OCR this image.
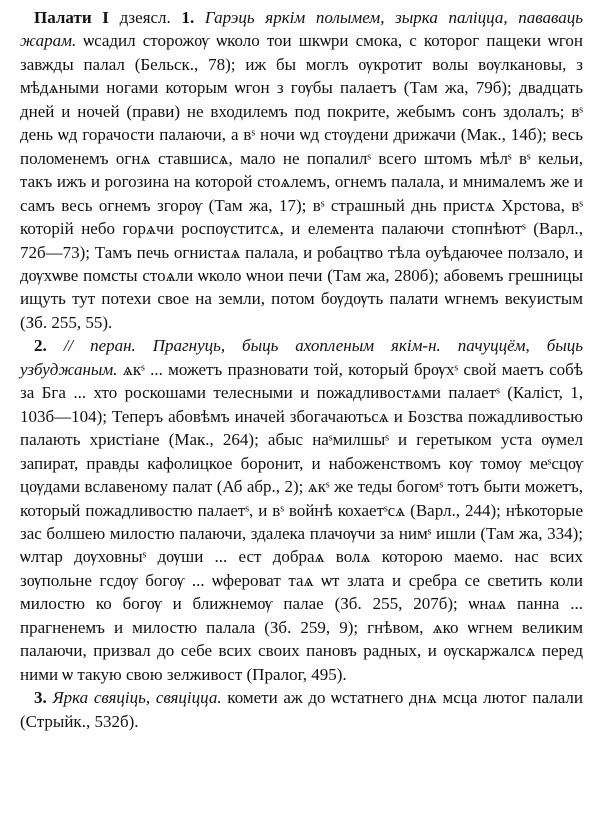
Палати I дзеясл. 1. Гарэць яркім полымем, зырка паліцца, пававаць жарам. ѡсадил сторожѹ ѡколо тои шкѡри смока, с которог пащеки ѡгон завжды палал (Бельск., 78); иж бы моглъ ѹкротит волы вѹлкановы, з мѣдѧными ногами которым ѡгон з гѹбы палаетъ (Там жа, 79б); двадцать дней и ночей (прави) не входилемъ под покрите, жебымъ сонъ здолалъ; вˢ день ѡд горачости палаючи, а вˢ ночи ѡд стѹдени дрижачи (Мак., 14б); весь поломенемъ огнѧ ставшисѧ, мало не попалилˢ всего штомъ мѣлˢ вˢ кельи, такъ ижъ и рогозина на которой стоѧлемъ, огнемъ палала, и мнималемъ же и самъ весь огнемъ згорѹ (Там жа, 17); вˢ страшный днь пристѧ Хрстова, вˢ которій небо горѧчи роспѹститсѧ, и елемента палаючи стопнѣютˢ (Варл., 72б—73); Тамъ печь огнистаѧ палала, и робацтво тѣла оуѣдаючее ползало, и дѹхѡве помсты стоѧли ѡколо ѡнои печи (Там жа, 280б); абовемъ грешницы ищуть тут потехи свое на земли, потом бѹдѹть палати ѡгнемъ векуистым (Зб. 255, 55).

2. // перан. Прагнуць, быць ахопленым якім-н. пачуццём, быць узбуджаным. ѧкˢ ... можетъ празновати той, который брѹхˢ свой маетъ собѣ за Бга ... хто роскошами телесными и пожадливостѧми палаетˢ (Каліст, 1, 103б—104); Теперъ абовѣмъ иначей збогачаютьсѧ и Бозства пожадливостью палають христiане (Мак., 264); абыс наˢмилшыˢ и геретыком уста ѹмел запират, правды кафолицкое боронит, и набоженствомъ кѹ томѹ меˢсцѹ цѹдами вславеному палат (Аб абр., 2); ѧкˢ же теды богомˢ тотъ быти можетъ, который пожадливостю палаетˢ, и вˢ войнѣ кохаетˢсѧ (Варл., 244); нѣкоторые зас болшею милостю палаючи, здалека плачѹчи за нимˢ ишли (Там жа, 334); ѡлтар дѹховныˢ дѹши ... ест добраѧ волѧ которою маемо. нас всих зѹпольне гсдѹ богѹ ... ѡфероват таѧ ѡт злата и сребра се светить коли милостю ко богѹ и ближнемѹ палае (Зб. 255, 207б); ѡнаѧ панна ... прагненемъ и милостю палала (Зб. 259, 9); гнѣвом, ѧко ѡгнем великим палаючи, призвал до себе всих своих пановъ радных, и ѹскаржалсѧ перед ними ѡ такую свою зелживост (Пралог, 495).

3. Ярка свяціць, свяціцца. комети аж до ѡстатнего днѧ мсца лютог палали (Стрыйк., 532б).
